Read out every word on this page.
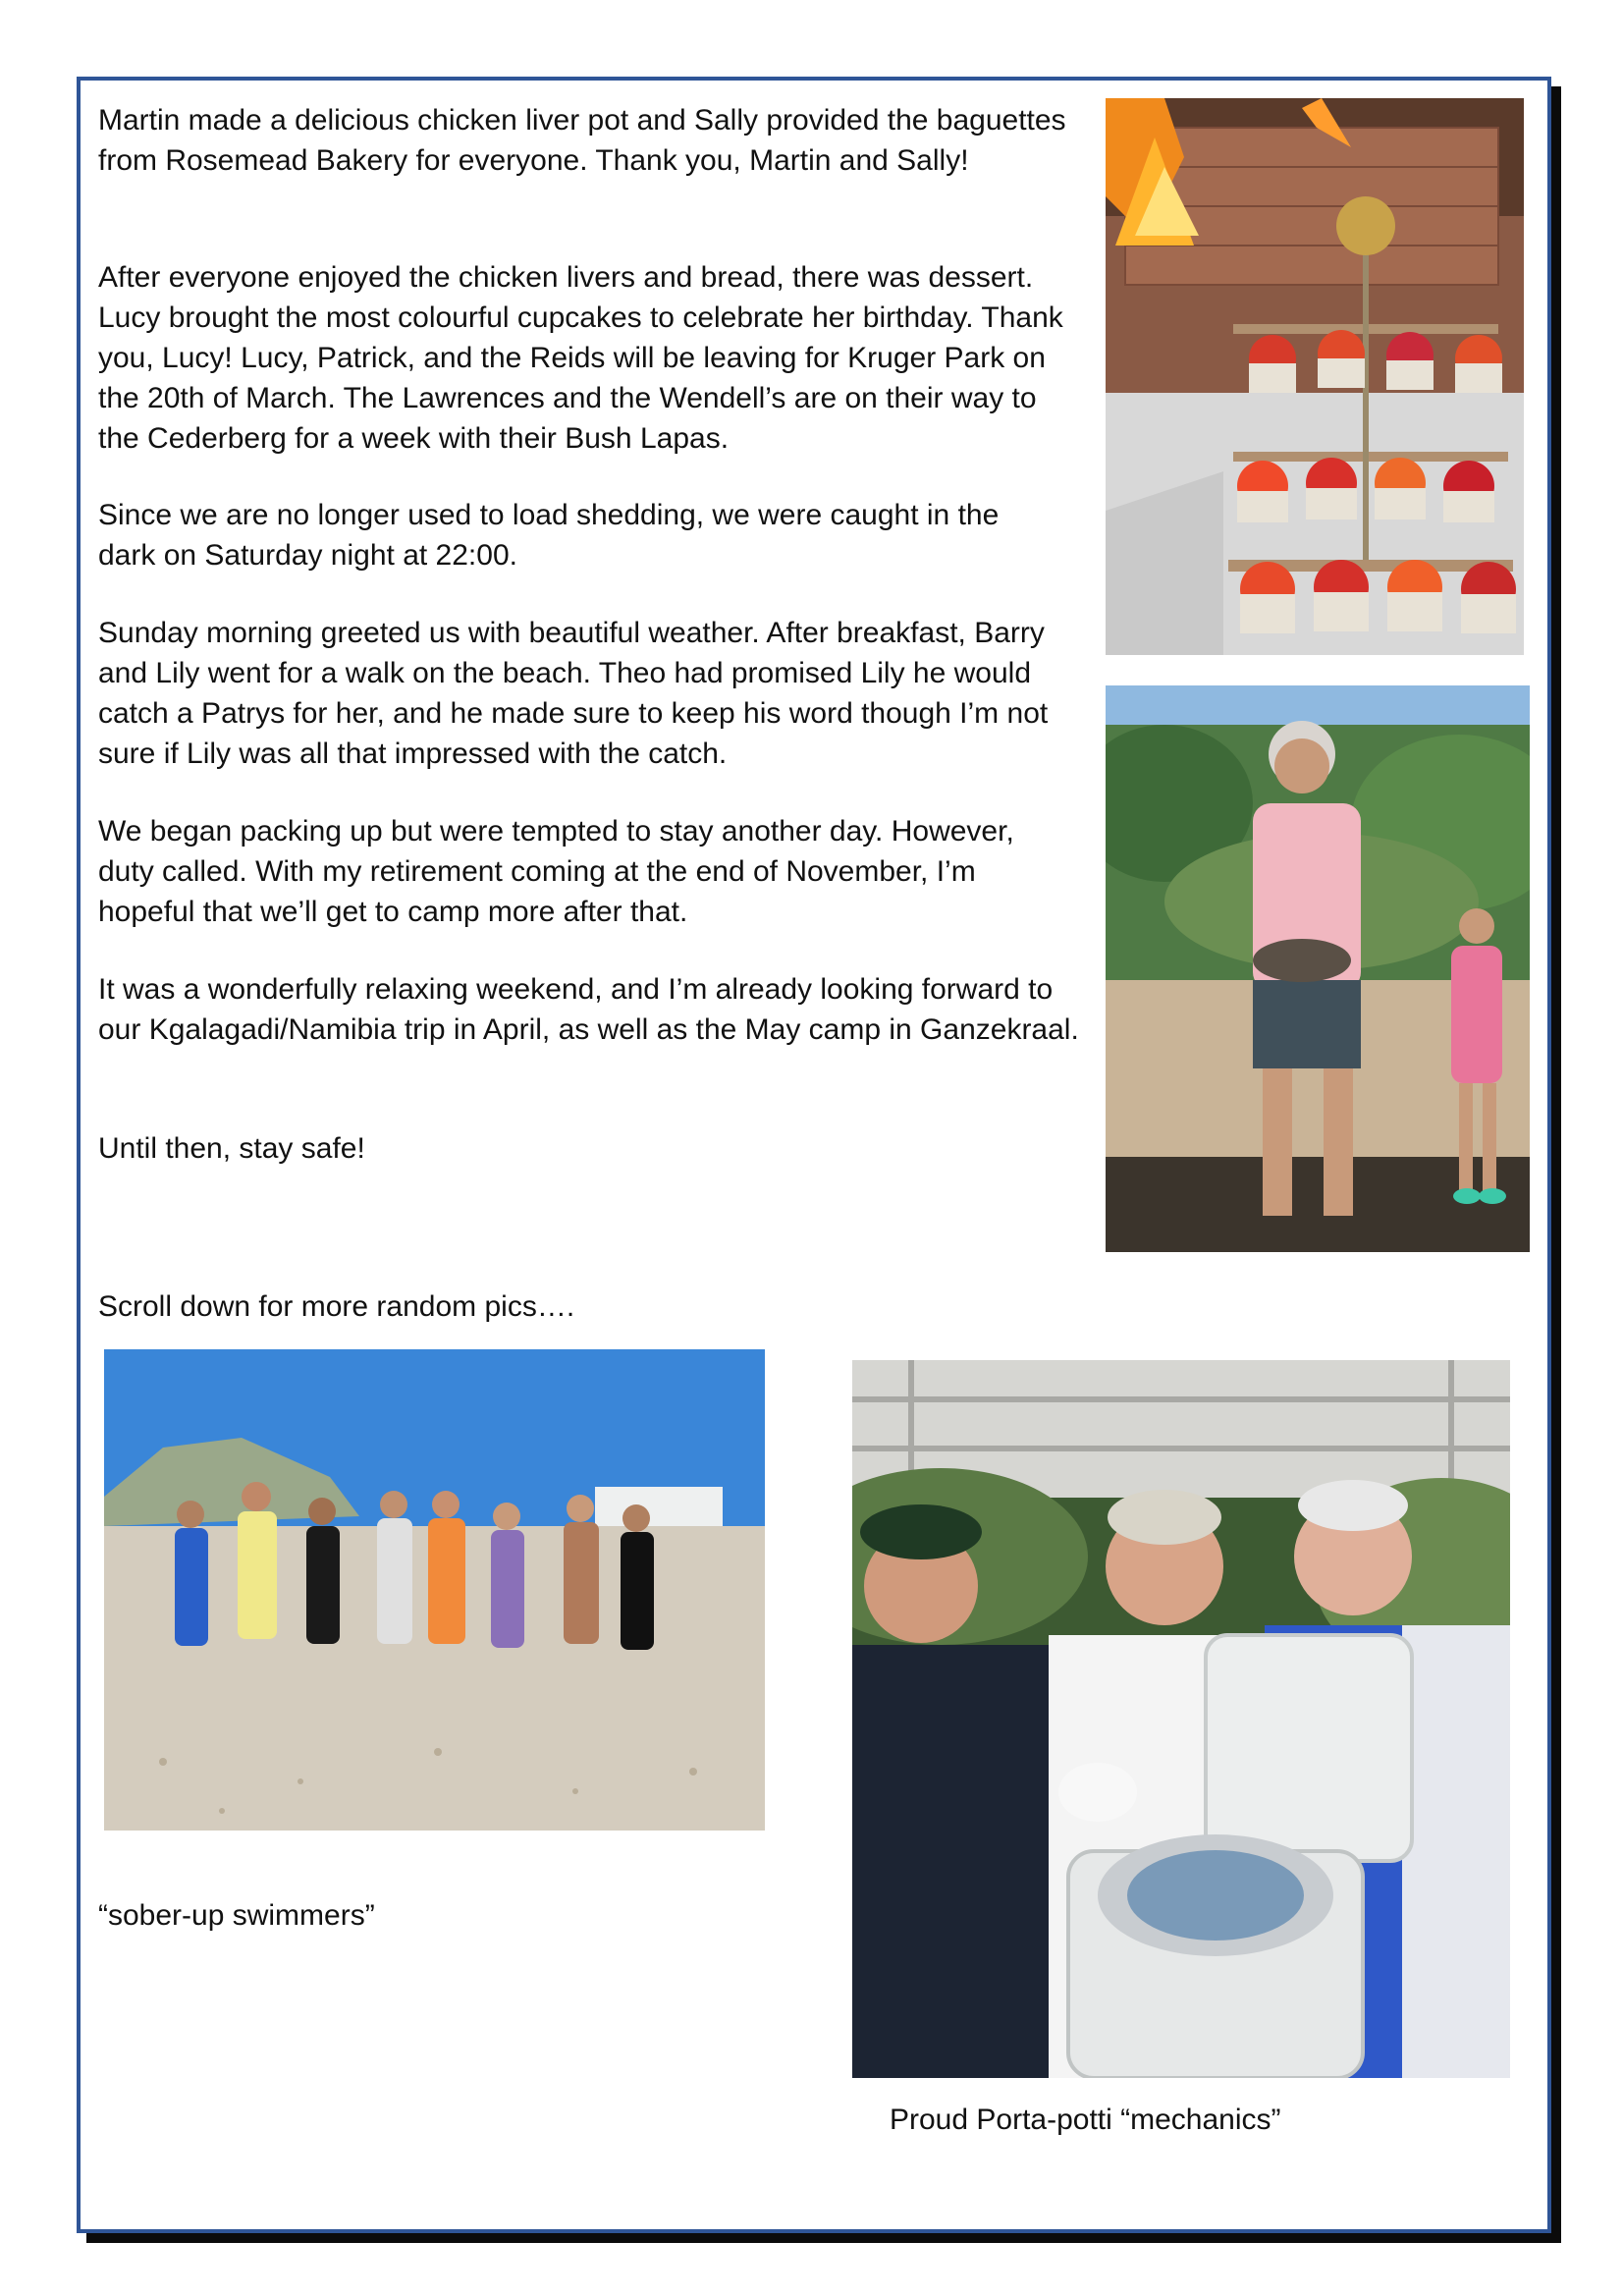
Martin made a delicious chicken liver pot and Sally provided the baguettes from Rosemead Bakery for everyone. Thank you, Martin and Sally!

After everyone enjoyed the chicken livers and bread, there was dessert. Lucy brought the most colourful cupcakes to celebrate her birthday. Thank you, Lucy! Lucy, Patrick, and the Reids will be leaving for Kruger Park on the 20th of March. The Lawrences and the Wendell’s are on their way to the Cederberg for a week with their Bush Lapas.

Since we are no longer used to load shedding, we were caught in the dark on Saturday night at 22:00.

Sunday morning greeted us with beautiful weather. After breakfast, Barry and Lily went for a walk on the beach. Theo had promised Lily he would catch a Patrys for her, and he made sure to keep his word though I’m not sure if Lily was all that impressed with the catch.

We began packing up but were tempted to stay another day. However, duty called. With my retirement coming at the end of November, I’m hopeful that we’ll get to camp more after that.

It was a wonderfully relaxing weekend, and I’m already looking forward to our Kgalagadi/Namibia trip in April, as well as the May camp in Ganzekraal.

Until then, stay safe!

Scroll down for more random pics….

“sober-up swimmers”

Proud Porta-potti “mechanics”
